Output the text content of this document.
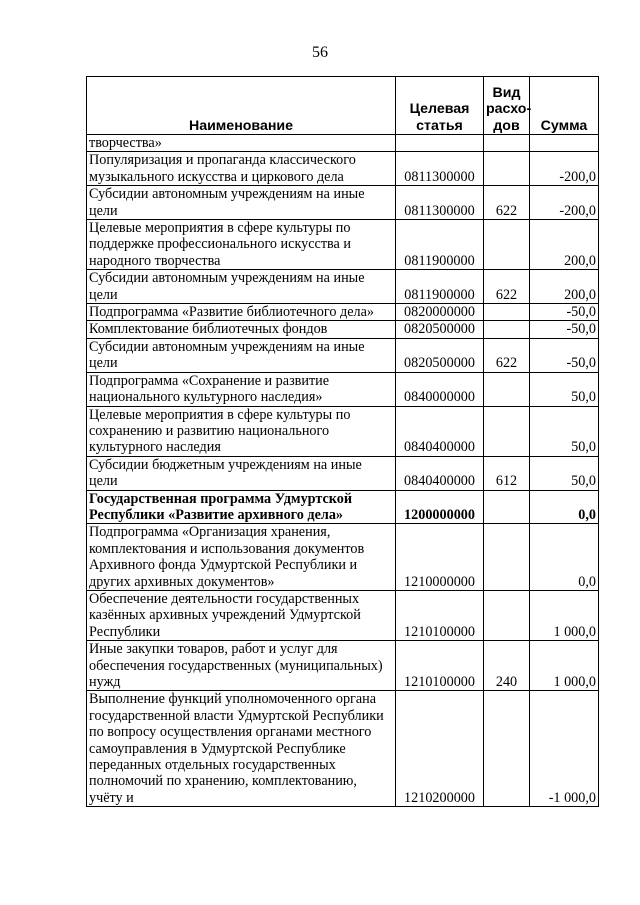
56
Наименование	Целевая статья	Вид расхо-дов	Сумма
творчества»			
Популяризация и пропаганда классического музыкального искусства и циркового дела	0811300000		-200,0
Субсидии автономным учреждениям на иные цели	0811300000	622	-200,0
Целевые мероприятия в сфере культуры по поддержке профессионального искусства и народного творчества	0811900000		200,0
Субсидии автономным учреждениям на иные цели	0811900000	622	200,0
Подпрограмма «Развитие библиотечного дела»	0820000000		-50,0
Комплектование библиотечных фондов	0820500000		-50,0
Субсидии автономным учреждениям на иные цели	0820500000	622	-50,0
Подпрограмма «Сохранение и развитие национального культурного наследия»	0840000000		50,0
Целевые мероприятия в сфере культуры по сохранению и развитию национального культурного наследия	0840400000		50,0
Субсидии бюджетным учреждениям на иные цели	0840400000	612	50,0
Государственная программа Удмуртской Республики «Развитие архивного дела»	1200000000		0,0
Подпрограмма «Организация хранения, комплектования и использования документов Архивного фонда Удмуртской Республики и других архивных документов»	1210000000		0,0
Обеспечение деятельности государственных казённых архивных учреждений Удмуртской Республики	1210100000		1 000,0
Иные закупки товаров, работ и услуг для обеспечения государственных (муниципальных) нужд	1210100000	240	1 000,0
Выполнение функций уполномоченного органа государственной власти Удмуртской Республики по вопросу осуществления органами местного самоуправления в Удмуртской Республике переданных отдельных государственных полномочий по хранению, комплектованию, учёту и	1210200000		-1 000,0
